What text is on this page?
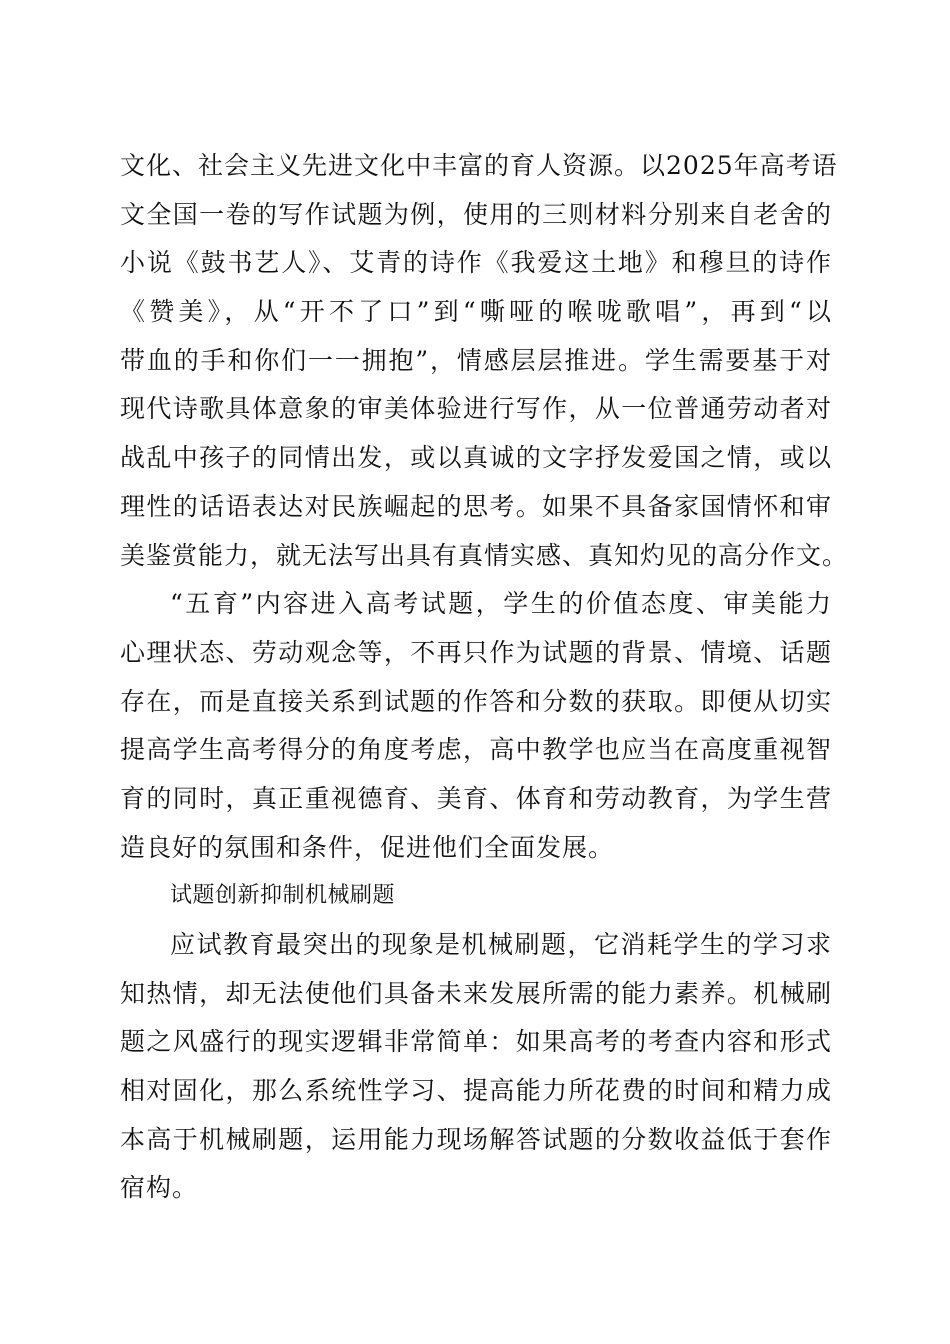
文化、社会主义先进文化中丰富的育人资源。以2025年高考语
文全国一卷的写作试题为例，使用的三则材料分别来自老舍的
小说《鼓书艺人》、艾青的诗作《我爱这土地》和穆旦的诗作
《赞美》，从“开不了口”到“嘶哑的喉咙歌唱”，再到“以
带血的手和你们一一拥抱”，情感层层推进。学生需要基于对
现代诗歌具体意象的审美体验进行写作，从一位普通劳动者对
战乱中孩子的同情出发，或以真诚的文字抒发爱国之情，或以
理性的话语表达对民族崛起的思考。如果不具备家国情怀和审
美鉴赏能力，就无法写出具有真情实感、真知灼见的高分作文。
“五育”内容进入高考试题，学生的价值态度、审美能力
心理状态、劳动观念等，不再只作为试题的背景、情境、话题
存在，而是直接关系到试题的作答和分数的获取。即便从切实
提高学生高考得分的角度考虑，高中教学也应当在高度重视智
育的同时，真正重视德育、美育、体育和劳动教育，为学生营
造良好的氛围和条件，促进他们全面发展。
试题创新抑制机械刷题
应试教育最突出的现象是机械刷题，它消耗学生的学习求
知热情，却无法使他们具备未来发展所需的能力素养。机械刷
题之风盛行的现实逻辑非常简单：如果高考的考查内容和形式
相对固化，那么系统性学习、提高能力所花费的时间和精力成
本高于机械刷题，运用能力现场解答试题的分数收益低于套作
宿构。
